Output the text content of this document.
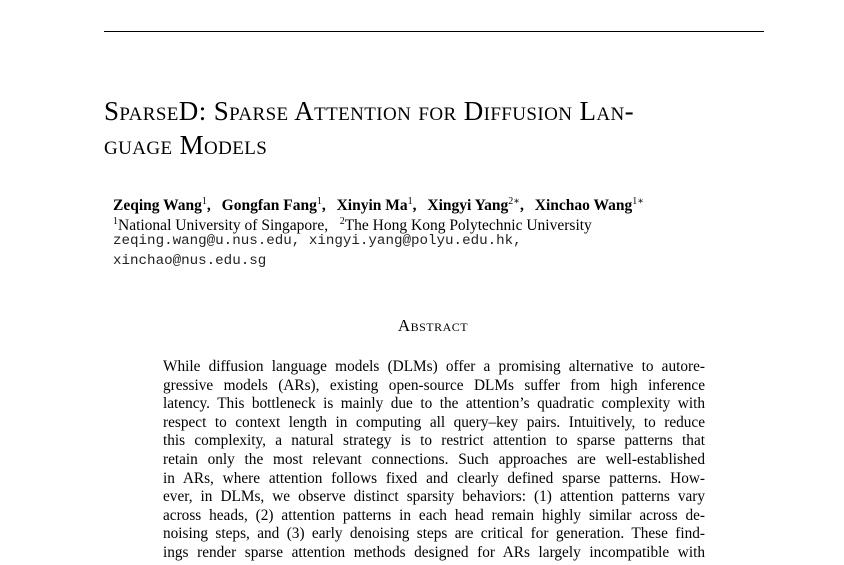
SparseD: Sparse Attention for Diffusion Lan-
guage Models
Zeqing Wang$^1$, Gongfan Fang$^1$, Xinyin Ma$^1$, Xingyi Yang$^{2∗}$, Xinchao Wang$^{1∗}$
$^1$National University of Singapore, $^2$The Hong Kong Polytechnic University
zeqing.wang@u.nus.edu, xingyi.yang@polyu.edu.hk,
xinchao@nus.edu.sg
Abstract
While diffusion language models (DLMs) offer a promising alternative to autore-
gressive models (ARs), existing open-source DLMs suffer from high inference
latency. This bottleneck is mainly due to the attention’s quadratic complexity with
respect to context length in computing all query–key pairs. Intuitively, to reduce
this complexity, a natural strategy is to restrict attention to sparse patterns that
retain only the most relevant connections. Such approaches are well-established
in ARs, where attention follows fixed and clearly defined sparse patterns. How-
ever, in DLMs, we observe distinct sparsity behaviors: (1) attention patterns vary
across heads, (2) attention patterns in each head remain highly similar across de-
noising steps, and (3) early denoising steps are critical for generation. These find-
ings render sparse attention methods designed for ARs largely incompatible with
